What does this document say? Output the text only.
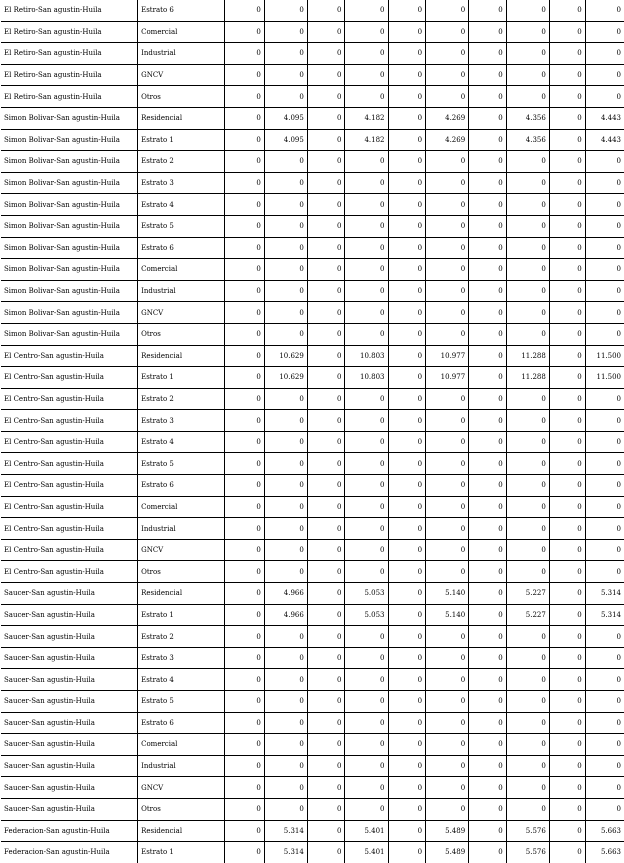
El Retiro-San agustin-Huila	Estrato 6	0	0	0	0	0	0	0	0	0	0
El Retiro-San agustin-Huila	Comercial	0	0	0	0	0	0	0	0	0	0
El Retiro-San agustin-Huila	Industrial	0	0	0	0	0	0	0	0	0	0
El Retiro-San agustin-Huila	GNCV	0	0	0	0	0	0	0	0	0	0
El Retiro-San agustin-Huila	Otros	0	0	0	0	0	0	0	0	0	0
Simon Bolivar-San agustin-Huila	Residencial	0	4.095	0	4.182	0	4.269	0	4.356	0	4.443
Simon Bolivar-San agustin-Huila	Estrato 1	0	4.095	0	4.182	0	4.269	0	4.356	0	4.443
Simon Bolivar-San agustin-Huila	Estrato 2	0	0	0	0	0	0	0	0	0	0
Simon Bolivar-San agustin-Huila	Estrato 3	0	0	0	0	0	0	0	0	0	0
Simon Bolivar-San agustin-Huila	Estrato 4	0	0	0	0	0	0	0	0	0	0
Simon Bolivar-San agustin-Huila	Estrato 5	0	0	0	0	0	0	0	0	0	0
Simon Bolivar-San agustin-Huila	Estrato 6	0	0	0	0	0	0	0	0	0	0
Simon Bolivar-San agustin-Huila	Comercial	0	0	0	0	0	0	0	0	0	0
Simon Bolivar-San agustin-Huila	Industrial	0	0	0	0	0	0	0	0	0	0
Simon Bolivar-San agustin-Huila	GNCV	0	0	0	0	0	0	0	0	0	0
Simon Bolivar-San agustin-Huila	Otros	0	0	0	0	0	0	0	0	0	0
El Centro-San agustin-Huila	Residencial	0	10.629	0	10.803	0	10.977	0	11.288	0	11.500
El Centro-San agustin-Huila	Estrato 1	0	10.629	0	10.803	0	10.977	0	11.288	0	11.500
El Centro-San agustin-Huila	Estrato 2	0	0	0	0	0	0	0	0	0	0
El Centro-San agustin-Huila	Estrato 3	0	0	0	0	0	0	0	0	0	0
El Centro-San agustin-Huila	Estrato 4	0	0	0	0	0	0	0	0	0	0
El Centro-San agustin-Huila	Estrato 5	0	0	0	0	0	0	0	0	0	0
El Centro-San agustin-Huila	Estrato 6	0	0	0	0	0	0	0	0	0	0
El Centro-San agustin-Huila	Comercial	0	0	0	0	0	0	0	0	0	0
El Centro-San agustin-Huila	Industrial	0	0	0	0	0	0	0	0	0	0
El Centro-San agustin-Huila	GNCV	0	0	0	0	0	0	0	0	0	0
El Centro-San agustin-Huila	Otros	0	0	0	0	0	0	0	0	0	0
Saucer-San agustin-Huila	Residencial	0	4.966	0	5.053	0	5.140	0	5.227	0	5.314
Saucer-San agustin-Huila	Estrato 1	0	4.966	0	5.053	0	5.140	0	5.227	0	5.314
Saucer-San agustin-Huila	Estrato 2	0	0	0	0	0	0	0	0	0	0
Saucer-San agustin-Huila	Estrato 3	0	0	0	0	0	0	0	0	0	0
Saucer-San agustin-Huila	Estrato 4	0	0	0	0	0	0	0	0	0	0
Saucer-San agustin-Huila	Estrato 5	0	0	0	0	0	0	0	0	0	0
Saucer-San agustin-Huila	Estrato 6	0	0	0	0	0	0	0	0	0	0
Saucer-San agustin-Huila	Comercial	0	0	0	0	0	0	0	0	0	0
Saucer-San agustin-Huila	Industrial	0	0	0	0	0	0	0	0	0	0
Saucer-San agustin-Huila	GNCV	0	0	0	0	0	0	0	0	0	0
Saucer-San agustin-Huila	Otros	0	0	0	0	0	0	0	0	0	0
Federacion-San agustin-Huila	Residencial	0	5.314	0	5.401	0	5.489	0	5.576	0	5.663
Federacion-San agustin-Huila	Estrato 1	0	5.314	0	5.401	0	5.489	0	5.576	0	5.663
